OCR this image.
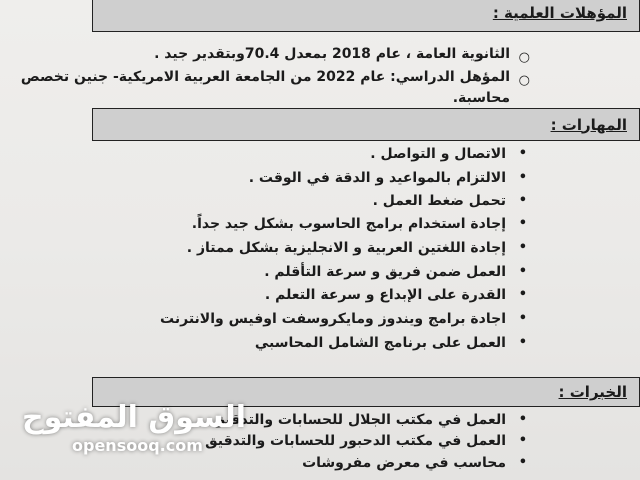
المؤهلات العلمية :
○
الثانوية العامة ، عام 2018 بمعدل 70.4وبتقدير جيد .
○
المؤهل الدراسي: عام 2022 من الجامعة العربية الامريكية- جنين تخصص
محاسبة.
المهارات :
•
الاتصال و التواصل .
•
الالتزام بالمواعيد و الدقة في الوقت .
•
تحمل ضغط العمل .
•
إجادة استخدام برامج الحاسوب بشكل جيد جداً.
•
إجادة اللغتين العربية و الانجليزية بشكل ممتاز .
•
العمل ضمن فريق و سرعة التأقلم .
•
القدرة على الإبداع و سرعة التعلم .
•
اجادة برامج ويندوز ومايكروسفت اوفيس والانترنت
•
العمل على برنامج الشامل المحاسبي
الخبرات :
•
العمل في مكتب الجلال للحسابات والتدقيق
•
العمل في مكتب الدحبور للحسابات والتدقيق
•
محاسب في معرض مفروشات
السوق المفتوح
opensooq.com
